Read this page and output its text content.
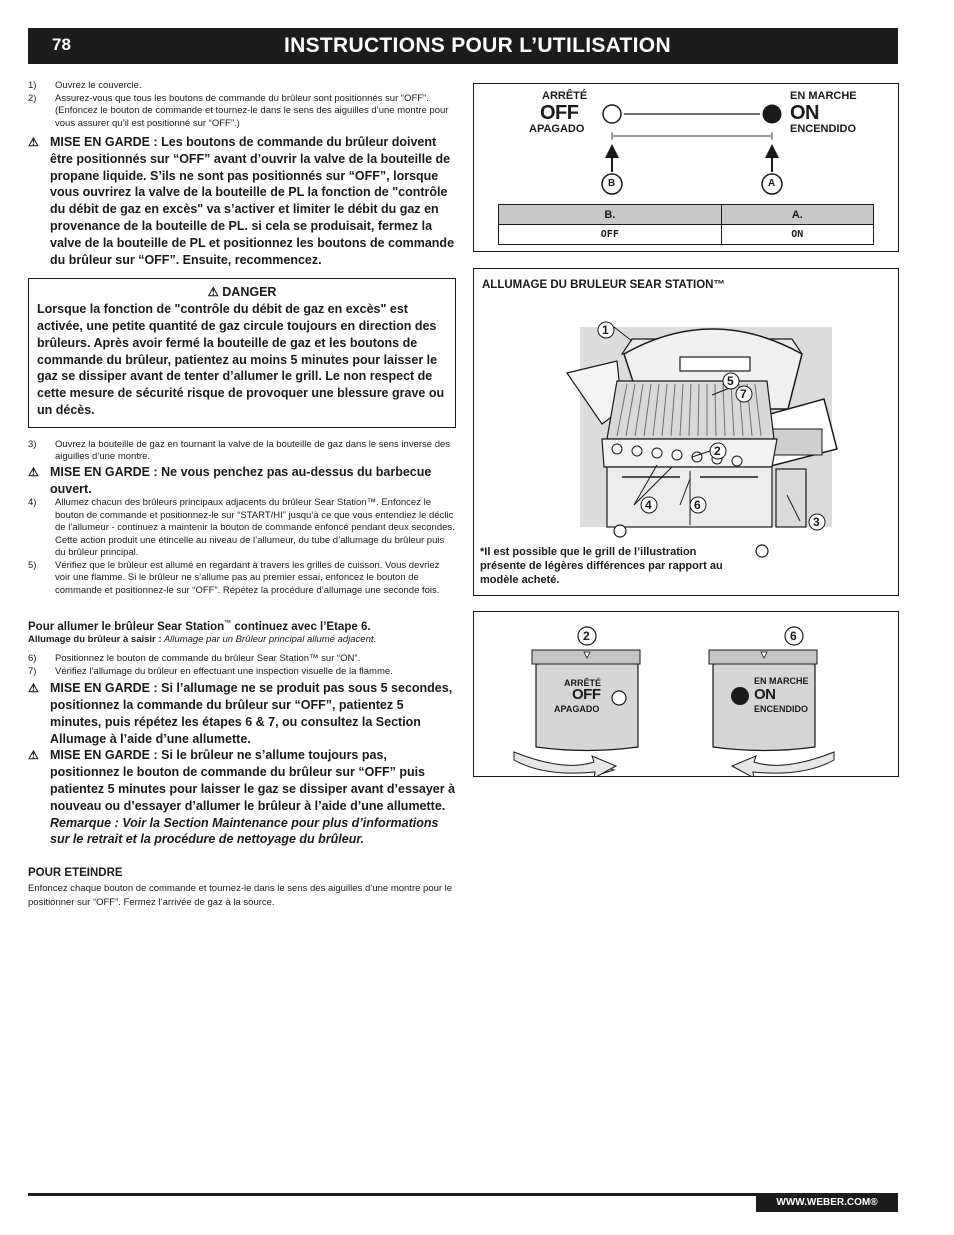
78	INSTRUCTIONS POUR L’UTILISATION
1)	Ouvrez le couvercle.
2)	Assurez-vous que tous les boutons de commande du brûleur sont positionnés sur “OFF”. (Enfoncez le bouton de commande et tournez-le dans le sens des aiguilles d’une montre pour vous assurer qu’il est positionné sur “OFF”.)
⚠ MISE EN GARDE : Les boutons de commande du brûleur doivent être positionnés sur “OFF” avant d’ouvrir la valve de la bouteille de propane liquide. S’ils ne sont pas positionnés sur “OFF”, lorsque vous ouvrirez la valve de la bouteille de PL la fonction de "contrôle du débit de gaz en excès" va s’activer et limiter le débit du gaz en provenance de la bouteille de PL. si cela se produisait, fermez la valve de la bouteille de PL et positionnez les boutons de commande du brûleur sur “OFF”. Ensuite, recommencez.
⚠ DANGER
Lorsque la fonction de "contrôle du débit de gaz en excès" est activée, une petite quantité de gaz circule toujours en direction des brûleurs. Après avoir fermé la bouteille de gaz et les boutons de commande du brûleur, patientez au moins 5 minutes pour laisser le gaz se dissiper avant de tenter d’allumer le grill. Le non respect de cette mesure de sécurité risque de provoquer une blessure grave ou un décès.
3)	Ouvrez la bouteille de gaz en tournant la valve de la bouteille de gaz dans le sens inverse des aiguilles d’une montre.
⚠ MISE EN GARDE : Ne vous penchez pas au-dessus du barbecue ouvert.
4)	Allumez chacun des brûleurs principaux adjacents du brûleur Sear Station™. Enfoncez le bouton de commande et positionnez-le sur “START/HI” jusqu’à ce que vous entendiez le déclic de l’allumeur - continuez à maintenir la bouton de commande enfoncé pendant deux secondes. Cette action produit une étincelle au niveau de l’allumeur, du tube d’allumage du brûleur puis du brûleur principal.
5)	Vérifiez que le brûleur est allumé en regardant à travers les grilles de cuisson. Vous devriez voir une flamme. Si le brûleur ne s’allume pas au premier essai, enfoncez le bouton de commande et positionnez-le sur “OFF”. Répétez la procédure d’allumage une seconde fois.
Pour allumer le brûleur Sear Station™ continuez avec l’Etape 6.
Allumage du brûleur à saisir : Allumage par un Brûleur principal allumé adjacent.
6)	Positionnez le bouton de commande du brûleur Sear Station™ sur “ON”.
7)	Vérifiez l’allumage du brûleur en effectuant une inspection visuelle de la flamme.
⚠ MISE EN GARDE : Si l’allumage ne se produit pas sous 5 secondes, positionnez la commande du brûleur sur “OFF”, patientez 5 minutes, puis répétez les étapes 6 & 7, ou consultez la Section Allumage à l’aide d’une allumette.
⚠ MISE EN GARDE : Si le brûleur ne s’allume toujours pas, positionnez le bouton de commande du brûleur sur “OFF” puis patientez 5 minutes pour laisser le gaz se dissiper avant d’essayer à nouveau ou d’essayer d’allumer le brûleur à l’aide d’une allumette. Remarque : Voir la Section Maintenance pour plus d’informations sur le retrait et la procédure de nettoyage du brûleur.
POUR ETEINDRE
Enfoncez chaque bouton de commande et tournez-le dans le sens des aiguilles d’une montre pour le positionner sur “OFF”. Fermez l’arrivée de gaz à la source.
ARRÊTÉ
OFF
APAGADO
EN MARCHE
ON
ENCENDIDO
B	A
B.	A.
OFF	ON
ALLUMAGE DU BRULEUR SEAR STATION™
1
2
3
4
5
6
7
*Il est possible que le grill de l’illustration présente de légères différences par rapport au modèle acheté.
2	6
ARRÊTÉ
OFF
APAGADO
EN MARCHE
ON
ENCENDIDO
WWW.WEBER.COM®
